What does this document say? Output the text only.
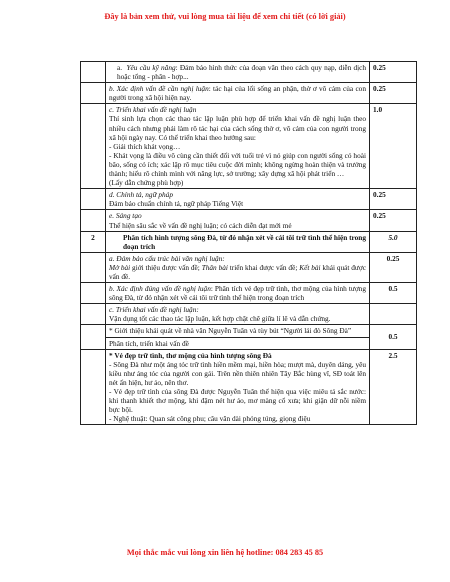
Đây là bản xem thử, vui lòng mua tài liệu để xem chi tiết (có lời giải)

	a. Yêu cầu kỹ năng: Đảm bảo hình thức của đoạn văn theo cách quy nạp, diễn dịch hoặc tổng - phân - hợp...	0.25
	b. Xác định vấn đề cần nghị luận: tác hại của lối sống an phận, thờ ơ vô cảm của con người trong xã hội hiện nay.	0.25

	c. Triển khai vấn đề nghị luận

Thí sinh lựa chọn các thao tác lập luận phù hợp để triển khai vấn đề nghị luận theo nhiều cách nhưng phải làm rõ tác hại của cách sống thờ ơ, vô cảm của con người trong xã hội ngày nay. Có thể triển khai theo hướng sau:

- Giải thích khát vọng…

- Khát vọng là điều vô cùng cần thiết đối với tuổi trẻ vì nó giúp con người sống có hoài bão, sống có ích; xác lập rõ mục tiêu cuộc đời mình; không ngừng hoàn thiện và trưởng thành; hiểu rõ chính mình với năng lực, sở trường; xây dựng xã hội phát triển …

(Lấy dẫn chứng phù hợp)	1.0

	d. Chính tả, ngữ pháp

Đảm bảo chuẩn chính tả, ngữ pháp Tiếng Việt	0.25

	e. Sáng tạo

Thể hiện sâu sắc về vấn đề nghị luận; có cách diễn đạt mới mẻ	0.25
2	Phân tích hình tượng sông Đà, từ đó nhận xét về cái tôi trữ tình thể hiện trong đoạn trích	5.0

	a. Đảm bảo cấu trúc bài văn nghị luận:

Mở bài giới thiệu được vấn đề; Thân bài triển khai được vấn đề; Kết bài khái quát được vấn đề.	0.25
	b. Xác định đúng vấn đề nghị luận: Phân tích vẻ đẹp trữ tình, thơ mộng của hình tượng sông Đà, từ đó nhận xét về cái tôi trữ tình thể hiện trong đoạn trích	0.5

	c. Triển khai vấn đề nghị luận:

Vận dụng tốt các thao tác lập luận, kết hợp chặt chẽ giữa lí lẽ và dẫn chứng.	

	* Giới thiệu khái quát về nhà văn Nguyễn Tuân và tùy bút “Người lái đò Sông Đà”

Phân tích, triển khai vấn đề	0.5

	* Vẻ đẹp trữ tình, thơ mộng của hình tượng sông Đà

- Sông Đà như một áng tóc trữ tình hiền mềm mại, hiền hòa; mượt mà, duyên dáng, yêu kiều như áng tóc của người con gái. Trên nền thiên nhiên Tây Bắc hùng vĩ, SĐ toát lên nét ấn hiện, hư ảo, nên thơ.

- Vẻ đẹp trữ tình của sông Đà được Nguyễn Tuân thể hiện qua việc miêu tả sắc nước: khi thanh khiết thơ mộng, khi đậm nét hư ảo, mơ màng cổ xưa; khi giận dữ nỗi niềm bực bội.

- Nghệ thuật: Quan sát công phu; câu văn dài phóng túng, giọng điệu	2.5
Mọi thắc mắc vui lòng xin liên hệ hotline: 084 283 45 85
